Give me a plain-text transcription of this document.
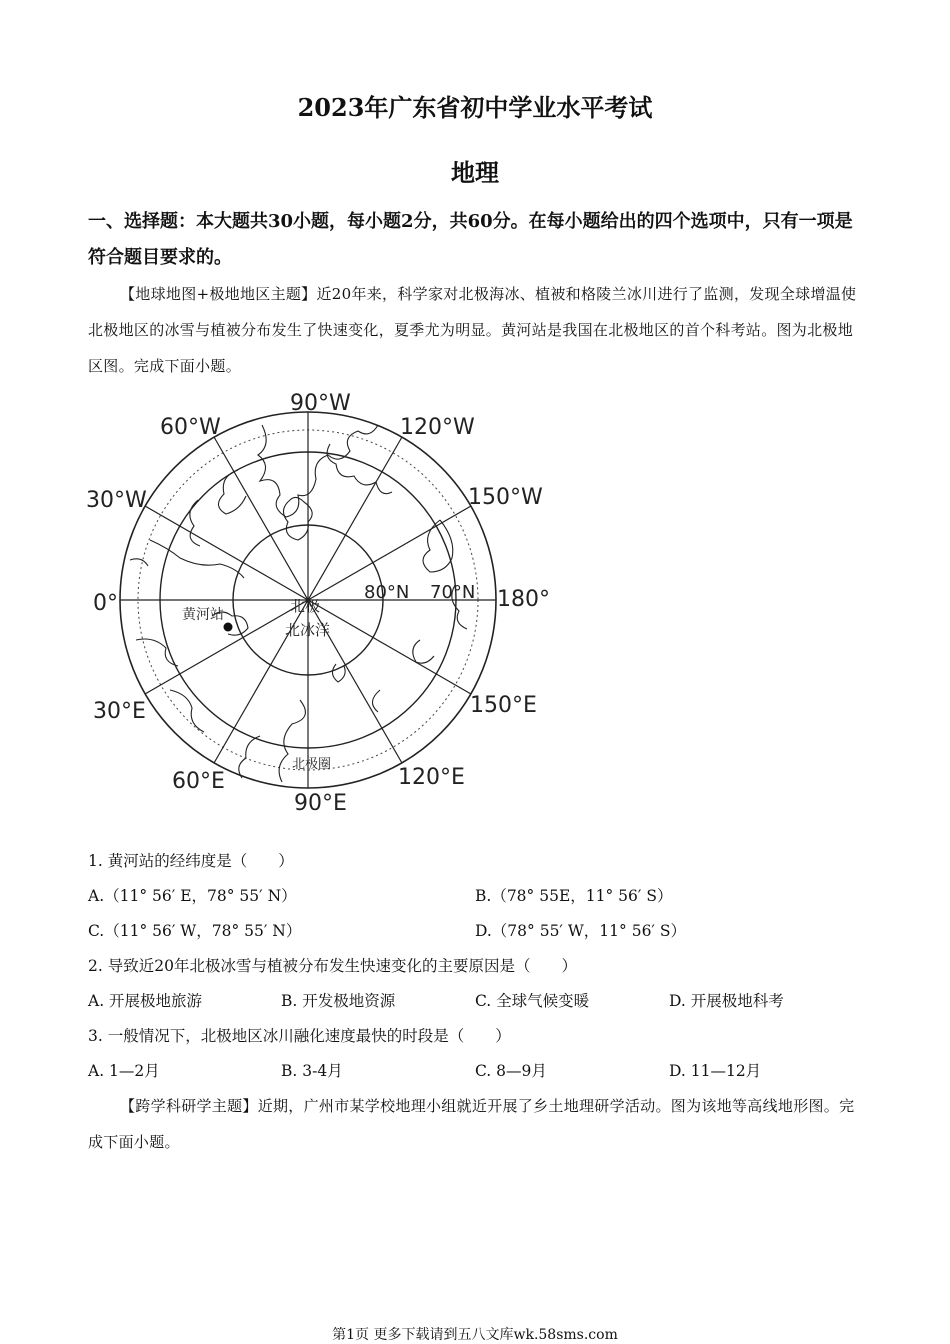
2023年广东省初中学业水平考试
地理
一、选择题：本大题共30小题，每小题2分，共60分。在每小题给出的四个选项中，只有一项是符合题目要求的。
【地球地图+极地地区主题】近20年来，科学家对北极海冰、植被和格陵兰冰川进行了监测，发现全球增温使北极地区的冰雪与植被分布发生了快速变化，夏季尤为明显。黄河站是我国在北极地区的首个科考站。图为北极地区图。完成下面小题。
90°W
60°W	120°W
30°W	150°W
0°	180°
30°E	150°E
60°E	120°E
90°E
80°N 70°N
北极
北冰洋
黄河站
北极圈
1. 黄河站的经纬度是（　　）
A.（11° 56′ E，78° 55′ N）	B.（78° 55E，11° 56′ S）
C.（11° 56′ W，78° 55′ N）	D.（78° 55′ W，11° 56′ S）
2. 导致近20年北极冰雪与植被分布发生快速变化的主要原因是（　　）
A. 开展极地旅游	B. 开发极地资源	C. 全球气候变暖	D. 开展极地科考
3. 一般情况下，北极地区冰川融化速度最快的时段是（　　）
A. 1—2月	B. 3-4月	C. 8—9月	D. 11—12月
【跨学科研学主题】近期，广州市某学校地理小组就近开展了乡土地理研学活动。图为该地等高线地形图。完成下面小题。
第1页 更多下载请到五八文库wk.58sms.com
